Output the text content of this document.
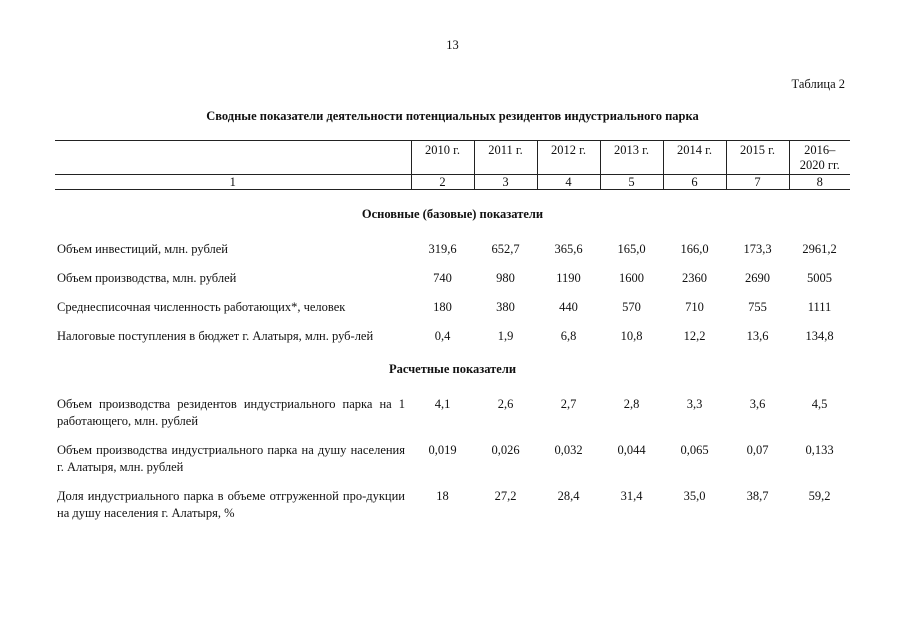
13
Таблица 2
Сводные показатели деятельности потенциальных резидентов индустриального парка
	2010 г.	2011 г.	2012 г.	2013 г.	2014 г.	2015 г.	2016–
2020 гг.
1	2	3	4	5	6	7	8
Основные (базовые) показатели							
Объем инвестиций, млн. рублей	319,6	652,7	365,6	165,0	166,0	173,3	2961,2
Объем производства, млн. рублей	740	980	1190	1600	2360	2690	5005
Среднесписочная численность работающих*, человек	180	380	440	570	710	755	1111
Налоговые поступления в бюджет г. Алатыря, млн. руб-лей	0,4	1,9	6,8	10,8	12,2	13,6	134,8
Расчетные показатели							
Объем производства резидентов индустриального парка на 1 работающего, млн. рублей	4,1	2,6	2,7	2,8	3,3	3,6	4,5
Объем производства индустриального парка на душу населения г. Алатыря, млн. рублей	0,019	0,026	0,032	0,044	0,065	0,07	0,133
Доля индустриального парка в объеме отгруженной про-дукции на душу населения г. Алатыря, %	18	27,2	28,4	31,4	35,0	38,7	59,2
